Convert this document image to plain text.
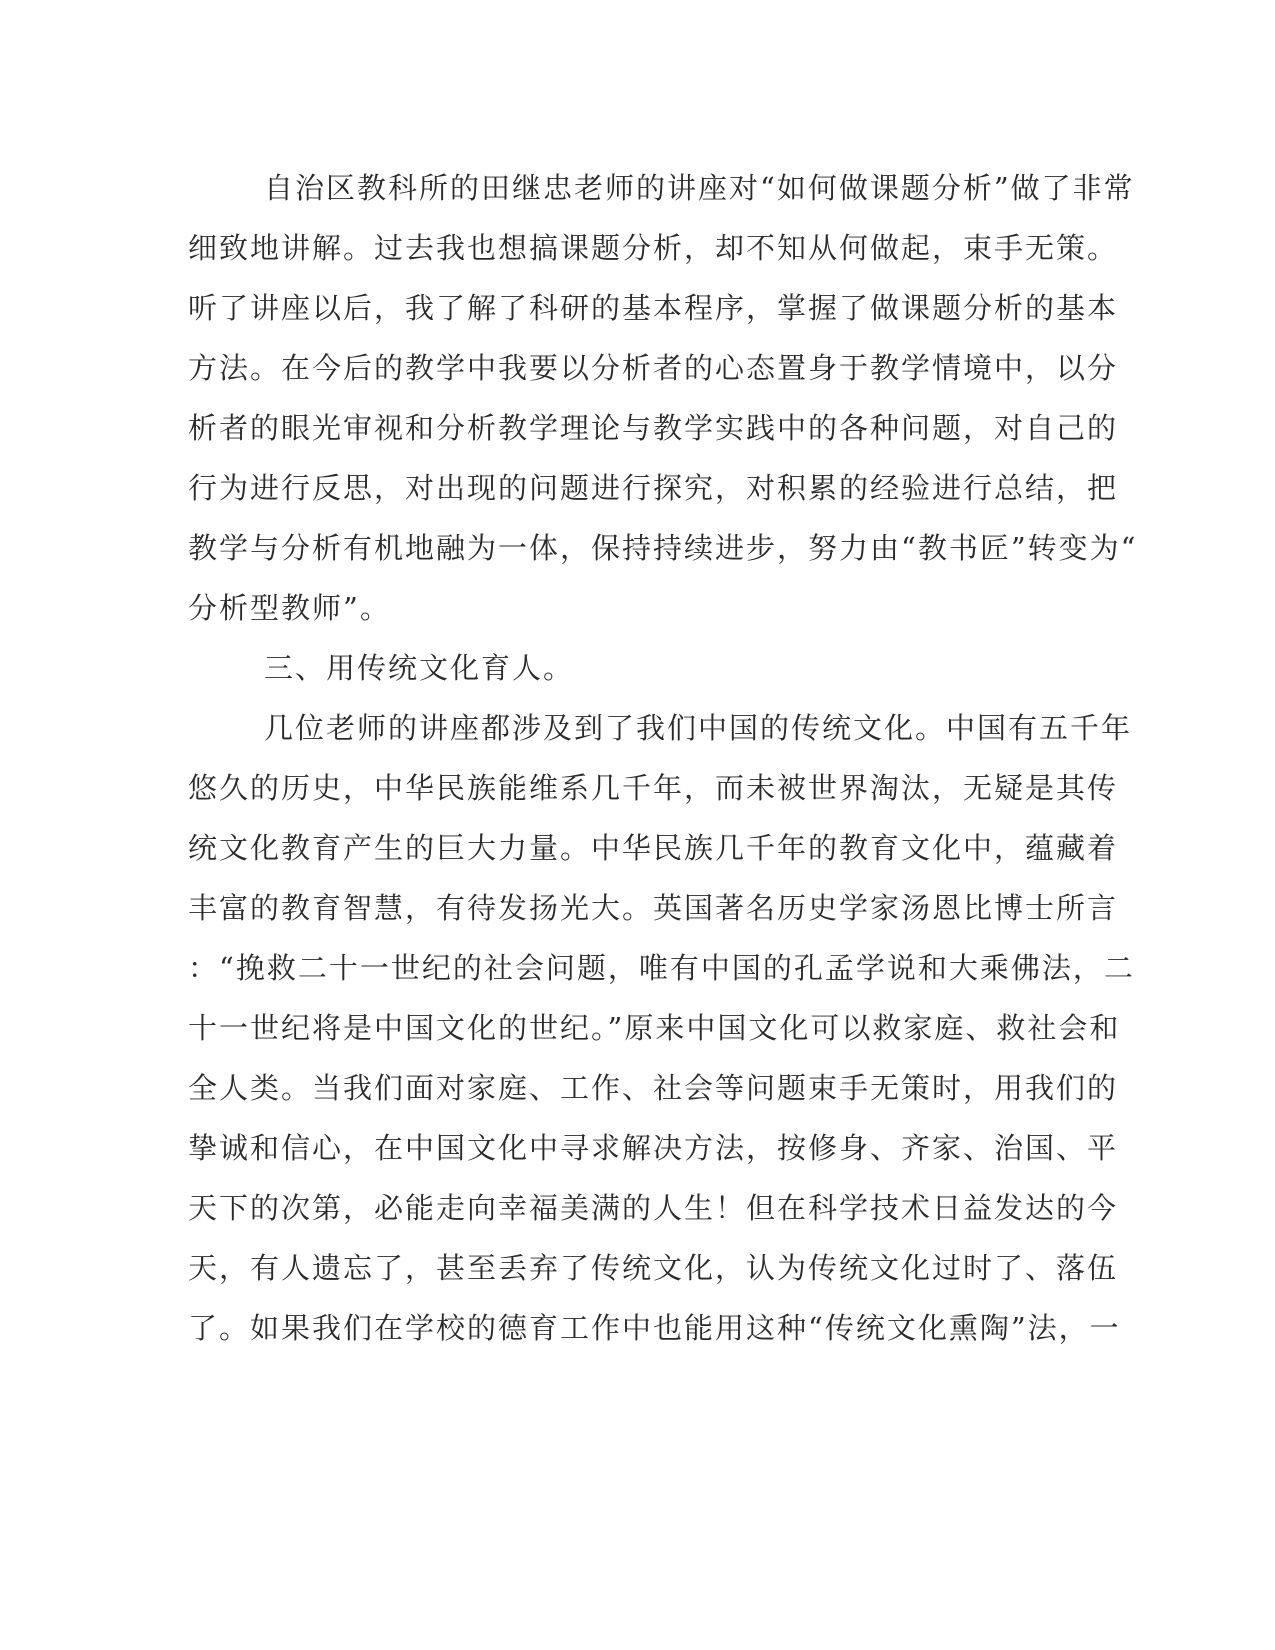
自治区教科所的田继忠老师的讲座对“如何做课题分析”做了非常
细致地讲解。过去我也想搞课题分析，却不知从何做起，束手无策。
听了讲座以后，我了解了科研的基本程序，掌握了做课题分析的基本
方法。在今后的教学中我要以分析者的心态置身于教学情境中，以分
析者的眼光审视和分析教学理论与教学实践中的各种问题，对自己的
行为进行反思，对出现的问题进行探究，对积累的经验进行总结，把
教学与分析有机地融为一体，保持持续进步，努力由“教书匠”转变为“
分析型教师”。
三、用传统文化育人。
几位老师的讲座都涉及到了我们中国的传统文化。中国有五千年
悠久的历史，中华民族能维系几千年，而未被世界淘汰，无疑是其传
统文化教育产生的巨大力量。中华民族几千年的教育文化中，蕴藏着
丰富的教育智慧，有待发扬光大。英国著名历史学家汤恩比博士所言
：“挽救二十一世纪的社会问题，唯有中国的孔孟学说和大乘佛法，二
十一世纪将是中国文化的世纪。”原来中国文化可以救家庭、救社会和
全人类。当我们面对家庭、工作、社会等问题束手无策时，用我们的
挚诚和信心，在中国文化中寻求解决方法，按修身、齐家、治国、平
天下的次第，必能走向幸福美满的人生！但在科学技术日益发达的今
天，有人遗忘了，甚至丢弃了传统文化，认为传统文化过时了、落伍
了。如果我们在学校的德育工作中也能用这种“传统文化熏陶”法，一
